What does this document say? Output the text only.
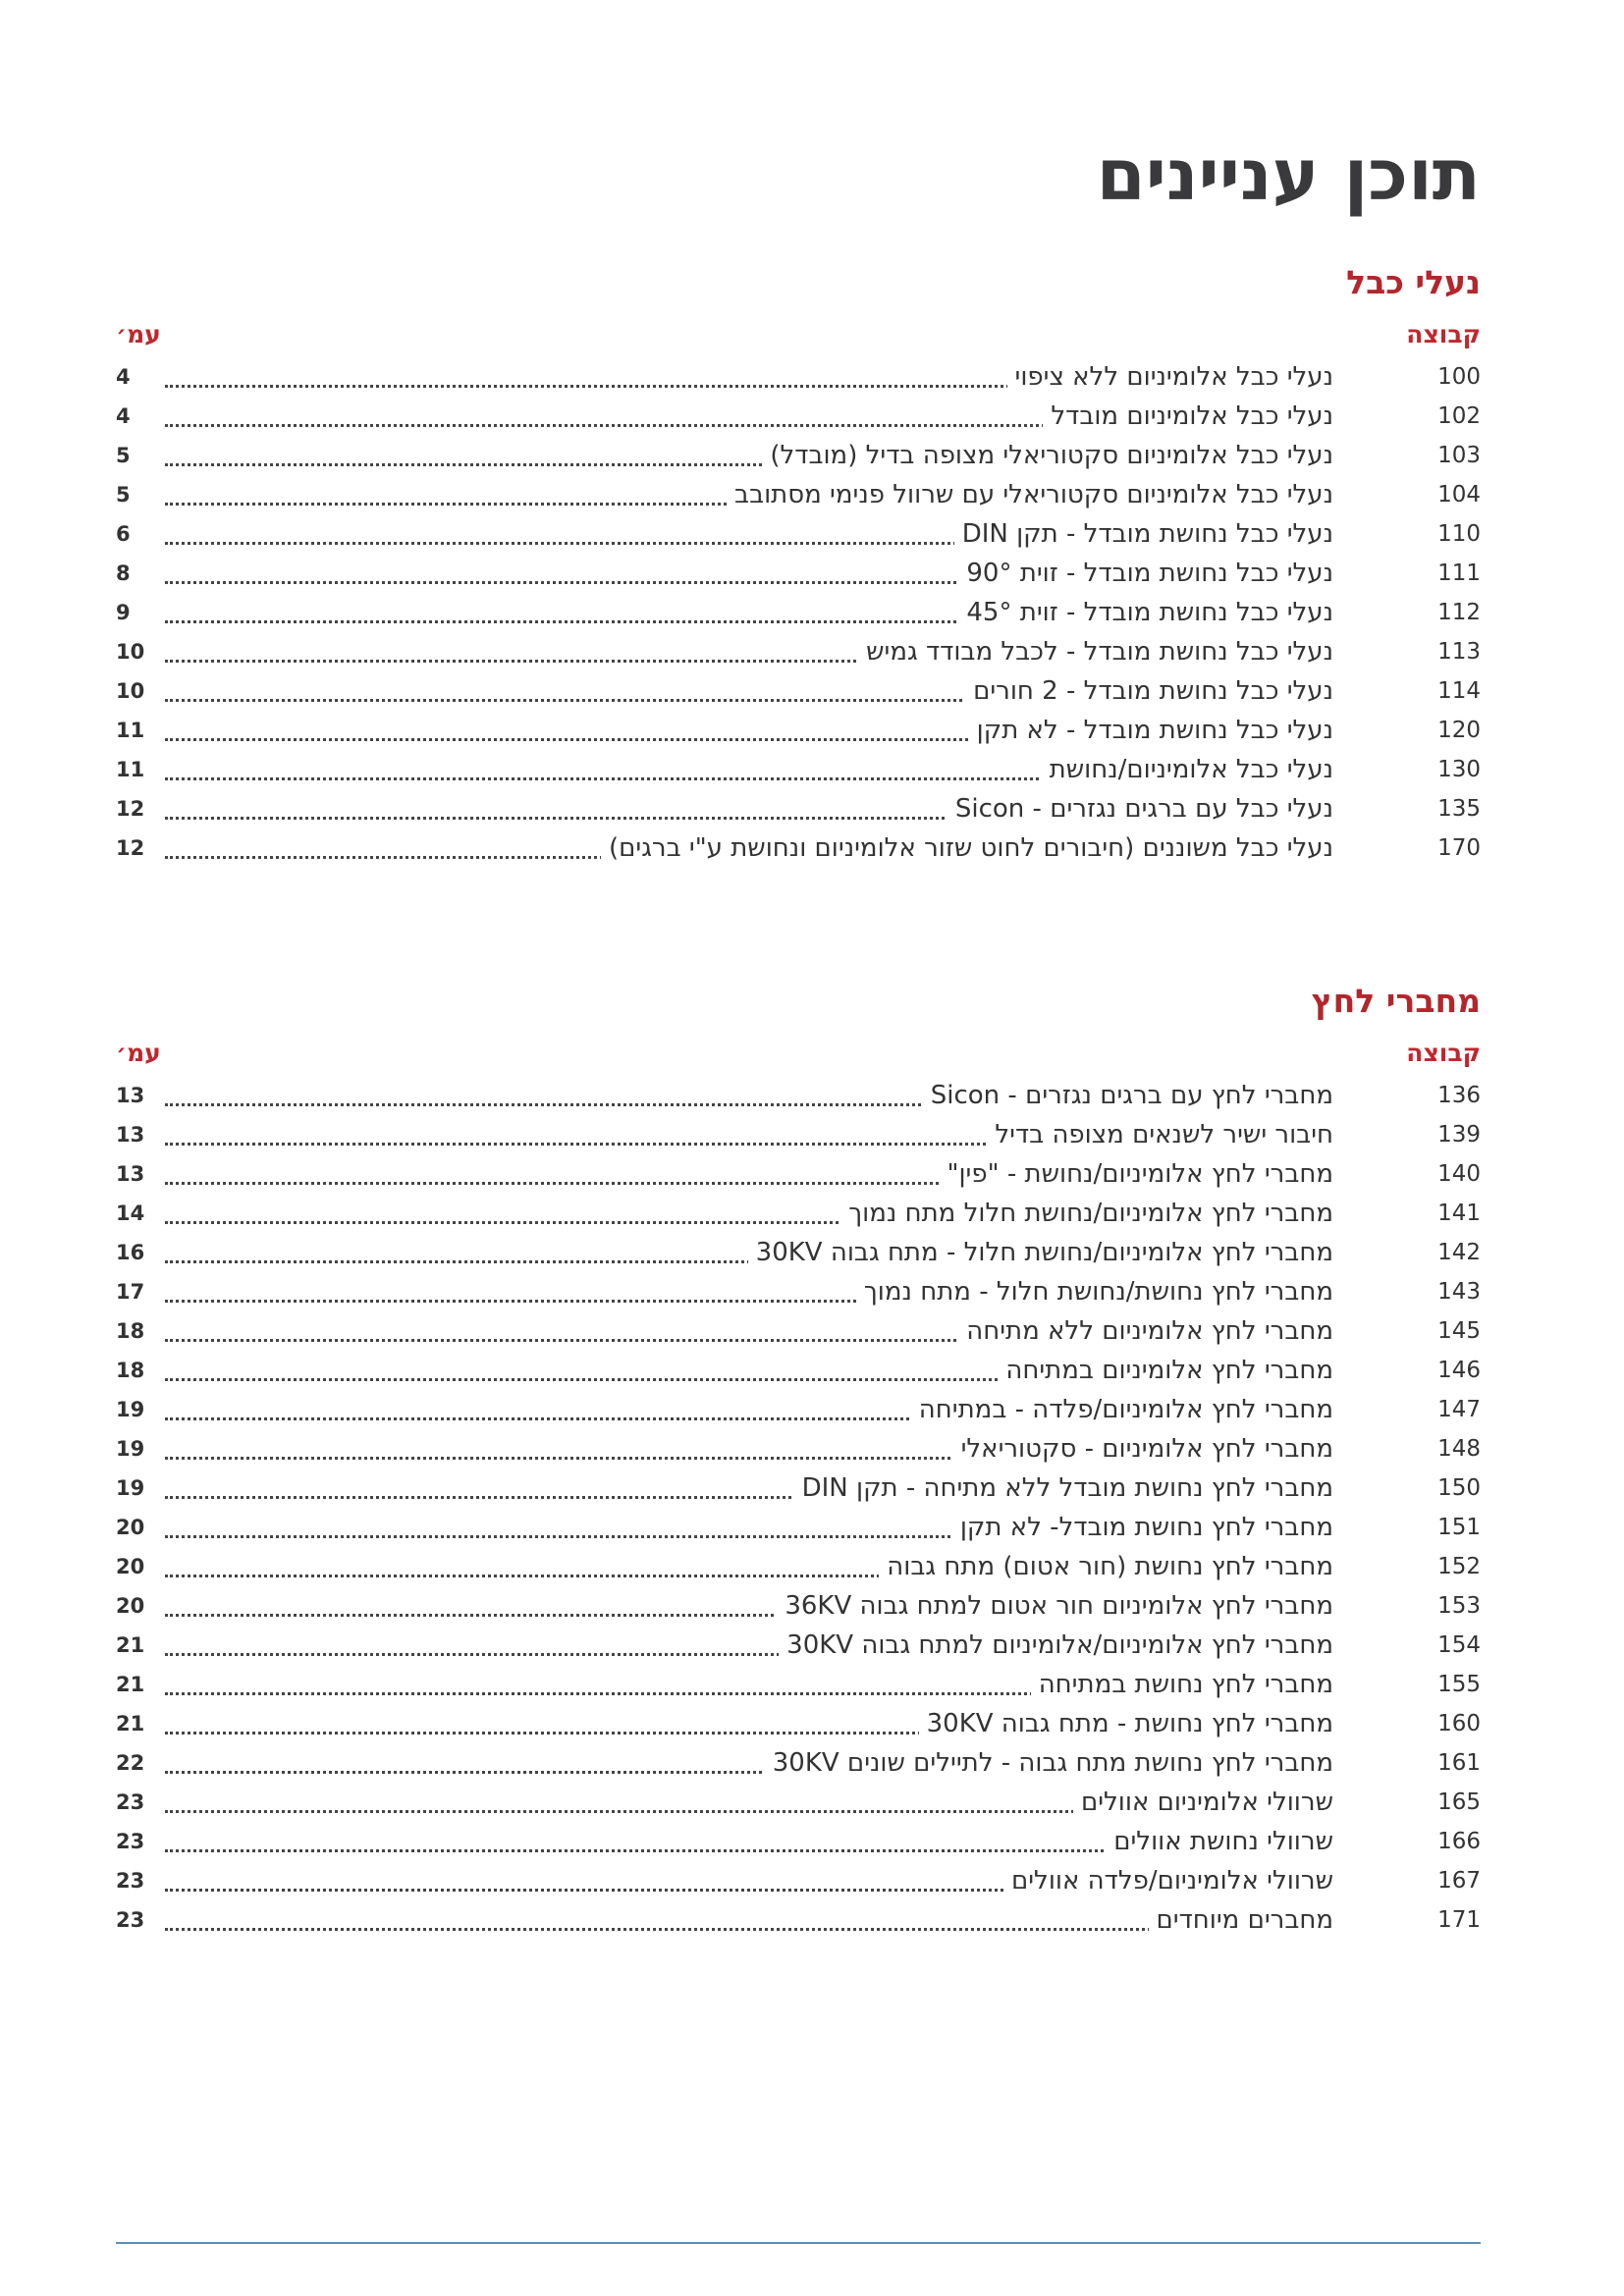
תוכן עניינים
נעלי כבל
קבוצה
עמ׳
100
נעלי כבל אלומיניום ללא ציפוי
4
102
נעלי כבל אלומיניום מובדל
4
103
נעלי כבל אלומיניום סקטוריאלי מצופה בדיל (מובדל)
5
104
נעלי כבל אלומיניום סקטוריאלי עם שרוול פנימי מסתובב
5
110
נעלי כבל נחושת מובדל - תקן DIN
6
111
נעלי כבל נחושת מובדל - זוית 90°
8
112
נעלי כבל נחושת מובדל - זוית 45°
9
113
נעלי כבל נחושת מובדל - לכבל מבודד גמיש
10
114
נעלי כבל נחושת מובדל - 2 חורים
10
120
נעלי כבל נחושת מובדל - לא תקן
11
130
נעלי כבל אלומיניום/נחושת
11
135
נעלי כבל עם ברגים נגזרים - Sicon
12
170
נעלי כבל משוננים (חיבורים לחוט שזור אלומיניום ונחושת ע"י ברגים)
12
מחברי לחץ
קבוצה
עמ׳
136
מחברי לחץ עם ברגים נגזרים - Sicon
13
139
חיבור ישיר לשנאים מצופה בדיל
13
140
מחברי לחץ אלומיניום/נחושת - "פין"
13
141
מחברי לחץ אלומיניום/נחושת חלול מתח נמוך
14
142
מחברי לחץ אלומיניום/נחושת חלול - מתח גבוה 30KV
16
143
מחברי לחץ נחושת/נחושת חלול - מתח נמוך
17
145
מחברי לחץ אלומיניום ללא מתיחה
18
146
מחברי לחץ אלומיניום במתיחה
18
147
מחברי לחץ אלומיניום/פלדה - במתיחה
19
148
מחברי לחץ אלומיניום - סקטוריאלי
19
150
מחברי לחץ נחושת מובדל ללא מתיחה - תקן DIN
19
151
מחברי לחץ נחושת מובדל- לא תקן
20
152
מחברי לחץ נחושת (חור אטום) מתח גבוה
20
153
מחברי לחץ אלומיניום חור אטום למתח גבוה 36KV
20
154
מחברי לחץ אלומיניום/אלומיניום למתח גבוה 30KV
21
155
מחברי לחץ נחושת במתיחה
21
160
מחברי לחץ נחושת - מתח גבוה 30KV
21
161
מחברי לחץ נחושת מתח גבוה - לתיילים שונים 30KV
22
165
שרוולי אלומיניום אוולים
23
166
שרוולי נחושת אוולים
23
167
שרוולי אלומיניום/פלדה אוולים
23
171
מחברים מיוחדים
23
